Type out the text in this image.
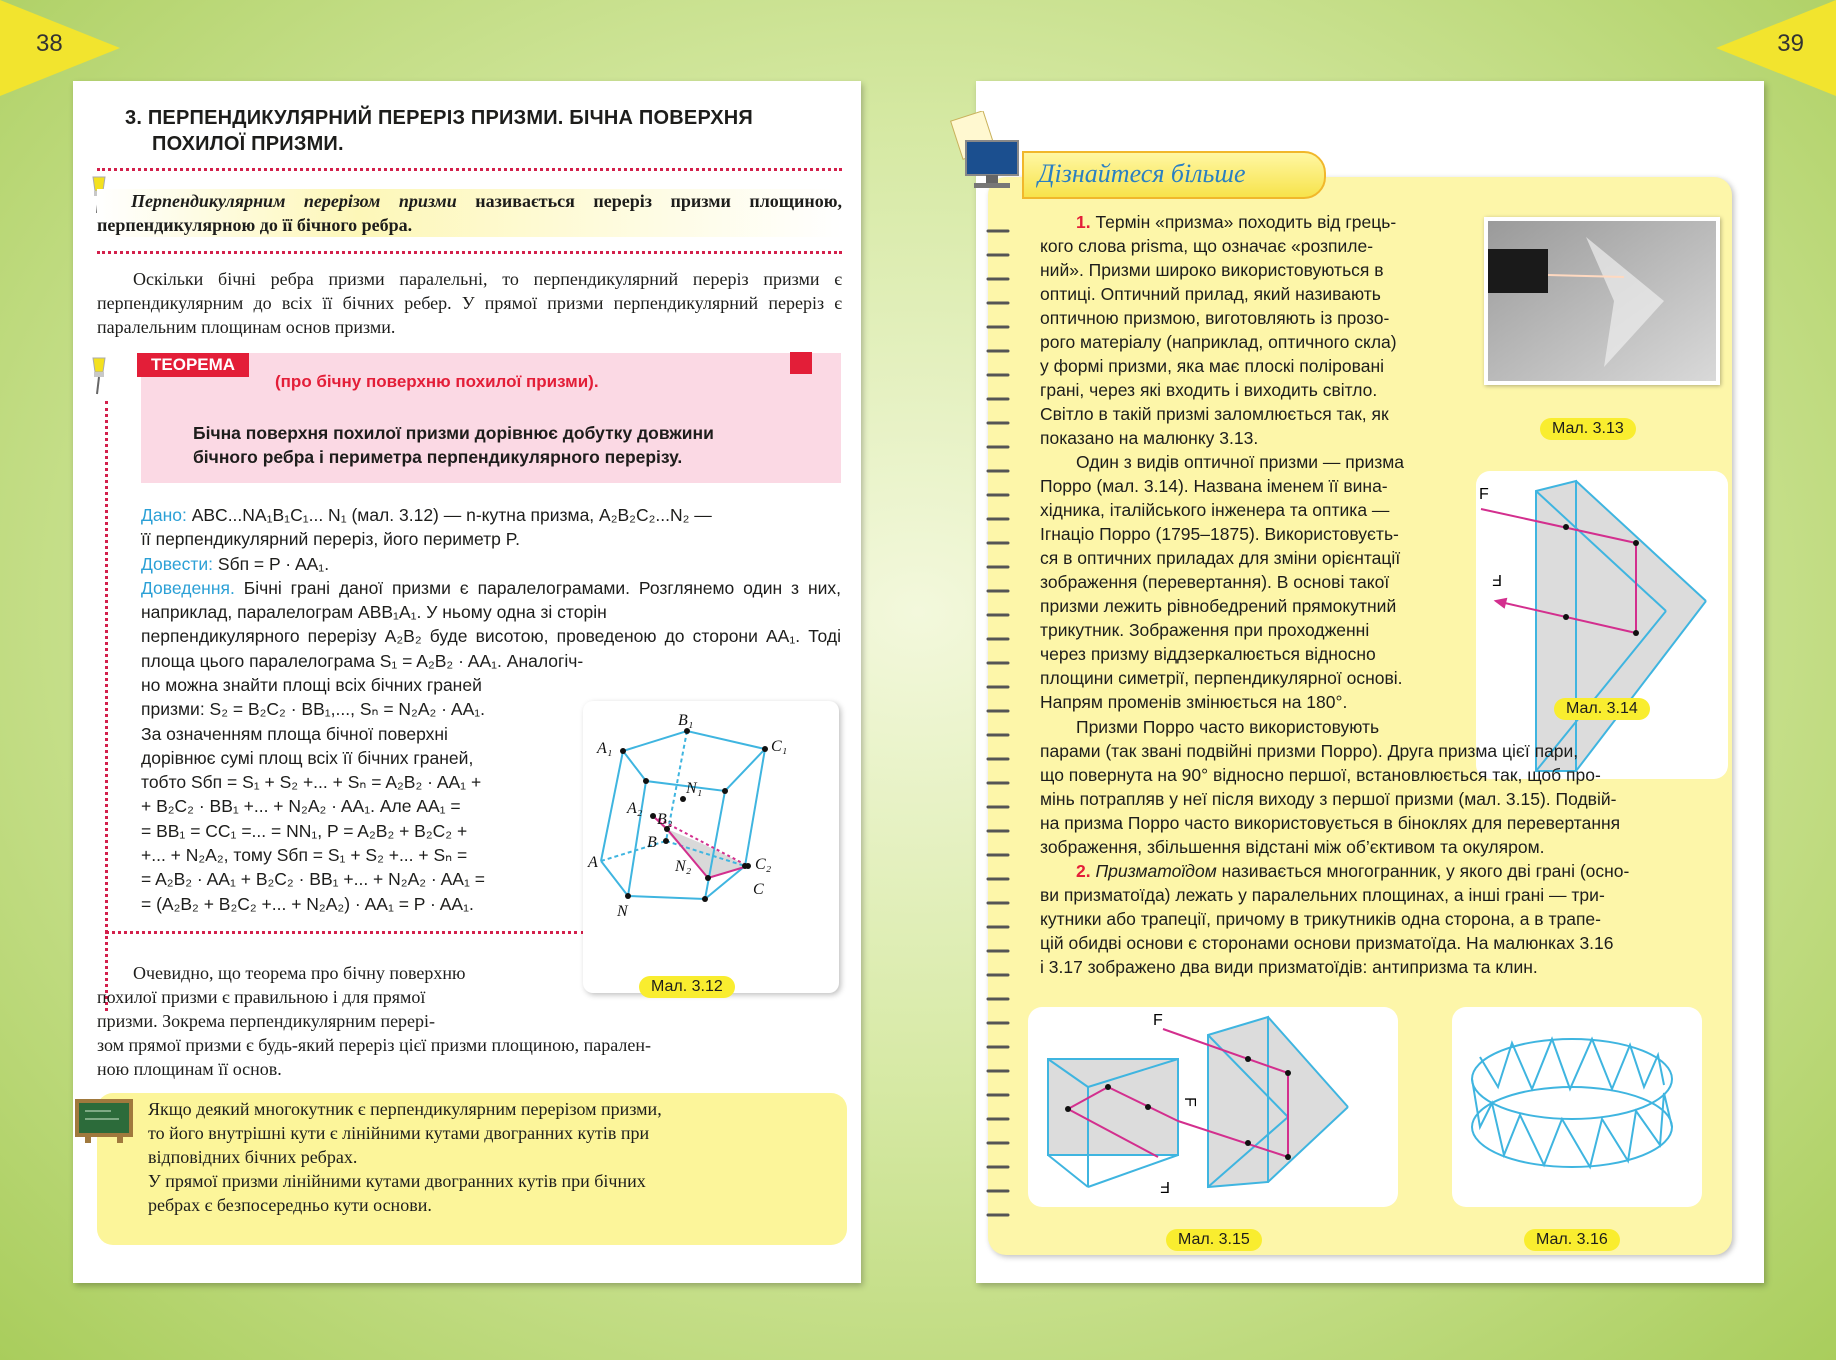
38	39
3. ПЕРПЕНДИКУЛЯРНИЙ ПЕРЕРІЗ ПРИЗМИ. БІЧНА ПОВЕРХНЯ
ПОХИЛОЇ ПРИЗМИ.
Перпендикулярним перерізом призми називається переріз призми площиною, перпендикулярною до її бічного ребра.
Оскільки бічні ребра призми паралельні, то перпендикулярний переріз призми є перпендикулярним до всіх її бічних ребер. У прямої призми перпендикулярний переріз є паралельним площинам основ призми.
ТЕОРЕМА
(про бічну поверхню похилої призми).
Бічна поверхня похилої призми дорівнює добутку довжини
бічного ребра і периметра перпендикулярного перерізу.
Дано: ABC...NA₁B₁C₁... N₁ (мал. 3.12) — n-кутна призма, A₂B₂C₂...N₂ —
її перпендикулярний переріз, його периметр P.
Довести: Sбп = P · AA₁.
Доведення. Бічні грані даної призми є паралелограмами. Розглянемо один з них, наприклад, паралелограм ABB₁A₁. У ньому одна зі сторін
перпендикулярного перерізу A₂B₂ буде висотою, проведеною до сторони AA₁. Тоді площа цього паралелограма S₁ = A₂B₂ · AA₁. Аналогіч-
но можна знайти площі всіх бічних граней
призми: S₂ = B₂C₂ · BB₁,..., Sₙ = N₂A₂ · AA₁.
За означенням площа бічної поверхні
дорівнює сумі площ всіх її бічних граней,
тобто Sбп = S₁ + S₂ +... + Sₙ = A₂B₂ · AA₁ +
+ B₂C₂ · BB₁ +... + N₂A₂ · AA₁. Але AA₁ =
= BB₁ = CC₁ =... = NN₁, P = A₂B₂ + B₂C₂ +
+... + N₂A₂, тому Sбп = S₁ + S₂ +... + Sₙ =
= A₂B₂ · AA₁ + B₂C₂ · BB₁ +... + N₂A₂ · AA₁ =
= (A₂B₂ + B₂C₂ +... + N₂A₂) · AA₁ = P · AA₁.
B₁
C₁
A₁
N₁
A₂
B₂
N₂	C₂
B
A
C
N
Мал. 3.12
Очевидно, що теорема про бічну поверхню
похилої призми є правильною і для прямої
призми. Зокрема перпендикулярним перері-
зом прямої призми є будь-який переріз цієї призми площиною, парален-
ною площинам її основ.
Якщо деякий многокутник є перпендикулярним перерізом призми,
то його внутрішні кути є лінійними кутами двогранних кутів при
відповідних бічних ребрах.
У прямої призми лінійними кутами двогранних кутів при бічних
ребрах є безпосередньо кути основи.
Дізнайтеся більше
1. Термін «призма» походить від грець-
кого слова prisma, що означає «розпиле-
ний». Призми широко використовуються в
оптиці. Оптичний прилад, який називають
оптичною призмою, виготовляють із прозо-
рого матеріалу (наприклад, оптичного скла)
у формі призми, яка має плоскі поліровані
грані, через які входить і виходить світло.
Світло в такій призмі заломлюється так, як
показано на малюнку 3.13.	Мал. 3.13
Один з видів оптичної призми — призма
Порро (мал. 3.14). Названа іменем її вина-
хідника, італійського інженера та оптика —
Ігнаціо Порро (1795–1875). Використовуєть-
ся в оптичних приладах для зміни орієнтації
зображення (перевертання). В основі такої
призми лежить рівнобедрений прямокутний
трикутник. Зображення при проходженні
через призму віддзеркалюється відносно
площини симетрії, перпендикулярної основі.
Напрям променів змінюється на 180°.
F
F
Мал. 3.14
Призми Порро часто використовують
парами (так звані подвійні призми Порро). Друга призма цієї пари,
що повернута на 90° відносно першої, встановлюється так, щоб про-
мінь потрапляв у неї після виходу з першої призми (мал. 3.15). Подвій-
на призма Порро часто використовується в біноклях для перевертання
зображення, збільшення відстані між об’єктивом та окуляром.
2. Призматоїдом називається многогранник, у якого дві грані (осно-
ви призматоїда) лежать у паралельних площинах, а інші грані — три-
кутники або трапеції, причому в трикутників одна сторона, а в трапе-
цій обидві основи є сторонами основи призматоїда. На малюнках 3.16
і 3.17 зображено два види призматоїдів: антипризма та клин.
F
F
F
Мал. 3.15	Мал. 3.16
